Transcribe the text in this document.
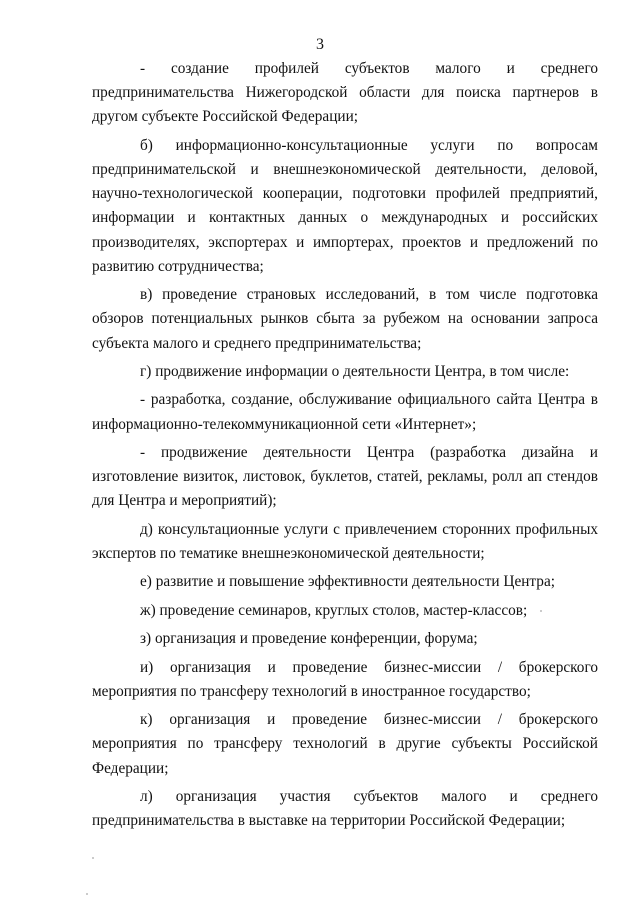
3

- создание профилей субъектов малого и среднего предпринимательства Нижегородской области для поиска партнеров в другом субъекте Российской Федерации;

б) информационно-консультационные услуги по вопросам предпринимательской и внешнеэкономической деятельности, деловой, научно-технологической кооперации, подготовки профилей предприятий, информации и контактных данных о международных и российских производителях, экспортерах и импортерах, проектов и предложений по развитию сотрудничества;

в) проведение страновых исследований, в том числе подготовка обзоров потенциальных рынков сбыта за рубежом на основании запроса субъекта малого и среднего предпринимательства;

г) продвижение информации о деятельности Центра, в том числе:

- разработка, создание, обслуживание официального сайта Центра в информационно-телекоммуникационной сети «Интернет»;

- продвижение деятельности Центра (разработка дизайна и изготовление визиток, листовок, буклетов, статей, рекламы, ролл ап стендов для Центра и мероприятий);

д) консультационные услуги с привлечением сторонних профильных экспертов по тематике внешнеэкономической деятельности;

е) развитие и повышение эффективности деятельности Центра;

ж) проведение семинаров, круглых столов, мастер-классов;

з) организация и проведение конференции, форума;

и) организация и проведение бизнес-миссии / брокерского мероприятия по трансферу технологий в иностранное государство;

к) организация и проведение бизнес-миссии / брокерского мероприятия по трансферу технологий в другие субъекты Российской Федерации;

л) организация участия субъектов малого и среднего предпринимательства в выставке на территории Российской Федерации;
